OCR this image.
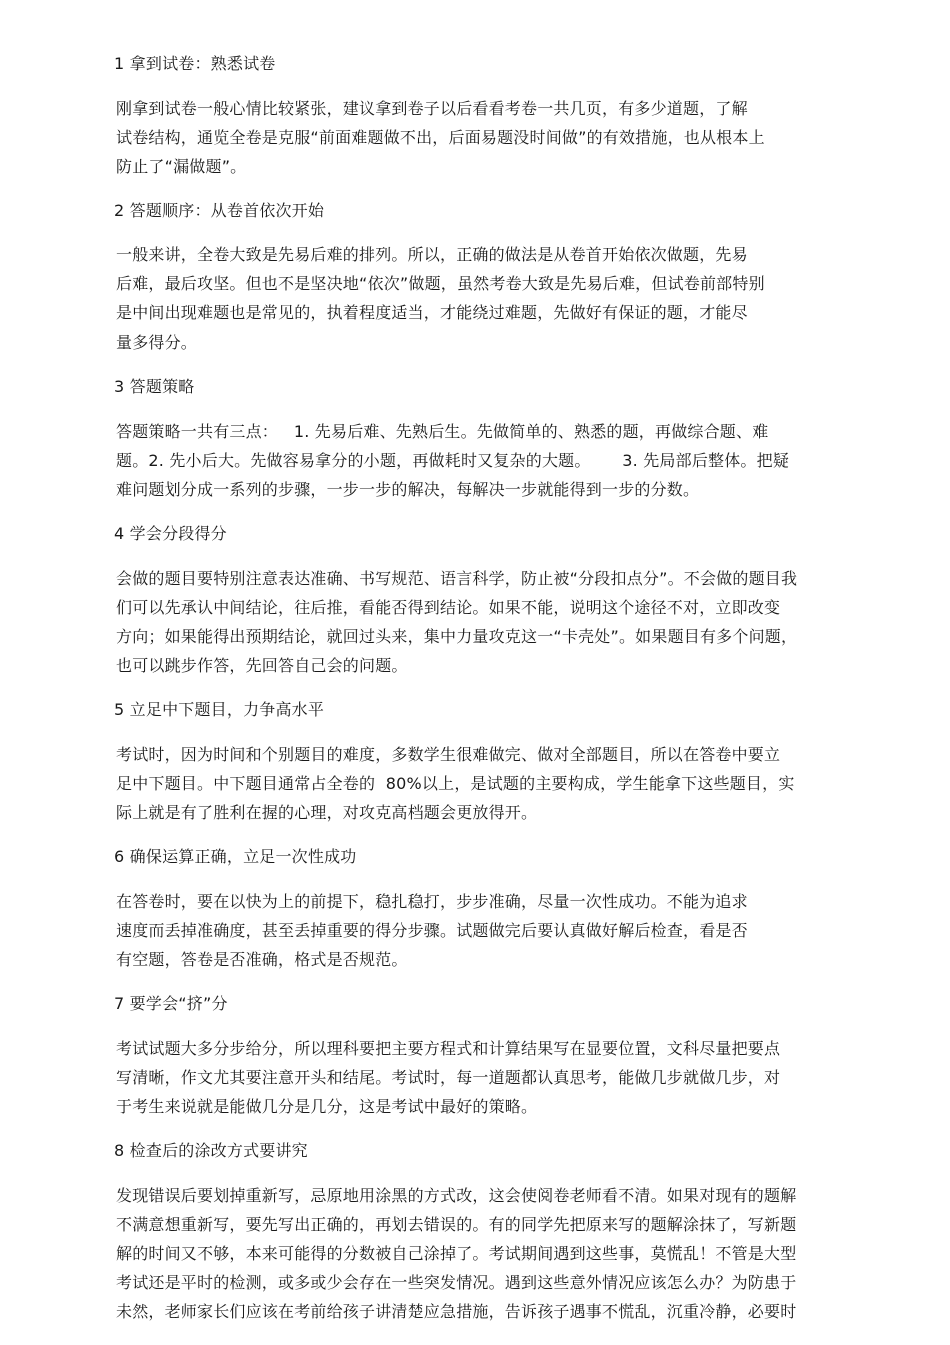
1 拿到试卷：熟悉试卷
刚拿到试卷一般心情比较紧张，建议拿到卷子以后看看考卷一共几页，有多少道题，了解
试卷结构，通览全卷是克服“前面难题做不出，后面易题没时间做”的有效措施，也从根本上
防止了“漏做题”。
2 答题顺序：从卷首依次开始
一般来讲，全卷大致是先易后难的排列。所以，正确的做法是从卷首开始依次做题，先易
后难，最后攻坚。但也不是坚决地“依次”做题，虽然考卷大致是先易后难，但试卷前部特别
是中间出现难题也是常见的，执着程度适当，才能绕过难题，先做好有保证的题，才能尽
量多得分。
3 答题策略
答题策略一共有三点：   1. 先易后难、先熟后生。先做简单的、熟悉的题，再做综合题、难
题。2. 先小后大。先做容易拿分的小题，再做耗时又复杂的大题。      3. 先局部后整体。把疑
难问题划分成一系列的步骤，一步一步的解决，每解决一步就能得到一步的分数。
4 学会分段得分
会做的题目要特别注意表达准确、书写规范、语言科学，防止被“分段扣点分”。不会做的题目我
们可以先承认中间结论，往后推，看能否得到结论。如果不能，说明这个途径不对，立即改变
方向；如果能得出预期结论，就回过头来，集中力量攻克这一“卡壳处”。如果题目有多个问题，
也可以跳步作答，先回答自己会的问题。
5 立足中下题目，力争高水平
考试时，因为时间和个别题目的难度，多数学生很难做完、做对全部题目，所以在答卷中要立
足中下题目。中下题目通常占全卷的  80%以上，是试题的主要构成，学生能拿下这些题目，实
际上就是有了胜利在握的心理，对攻克高档题会更放得开。
6 确保运算正确，立足一次性成功
在答卷时，要在以快为上的前提下，稳扎稳打，步步准确，尽量一次性成功。不能为追求
速度而丢掉准确度，甚至丢掉重要的得分步骤。试题做完后要认真做好解后检查，看是否
有空题，答卷是否准确，格式是否规范。
7 要学会“挤”分
考试试题大多分步给分，所以理科要把主要方程式和计算结果写在显要位置，文科尽量把要点
写清晰，作文尤其要注意开头和结尾。考试时，每一道题都认真思考，能做几步就做几步，对
于考生来说就是能做几分是几分，这是考试中最好的策略。
8 检查后的涂改方式要讲究
发现错误后要划掉重新写，忌原地用涂黑的方式改，这会使阅卷老师看不清。如果对现有的题解
不满意想重新写，要先写出正确的，再划去错误的。有的同学先把原来写的题解涂抹了，写新题
解的时间又不够，本来可能得的分数被自己涂掉了。考试期间遇到这些事，莫慌乱！不管是大型
考试还是平时的检测，或多或少会存在一些突发情况。遇到这些意外情况应该怎么办？为防患于
未然，老师家长们应该在考前给孩子讲清楚应急措施，告诉孩子遇事不慌乱，沉重冷静，必要时
